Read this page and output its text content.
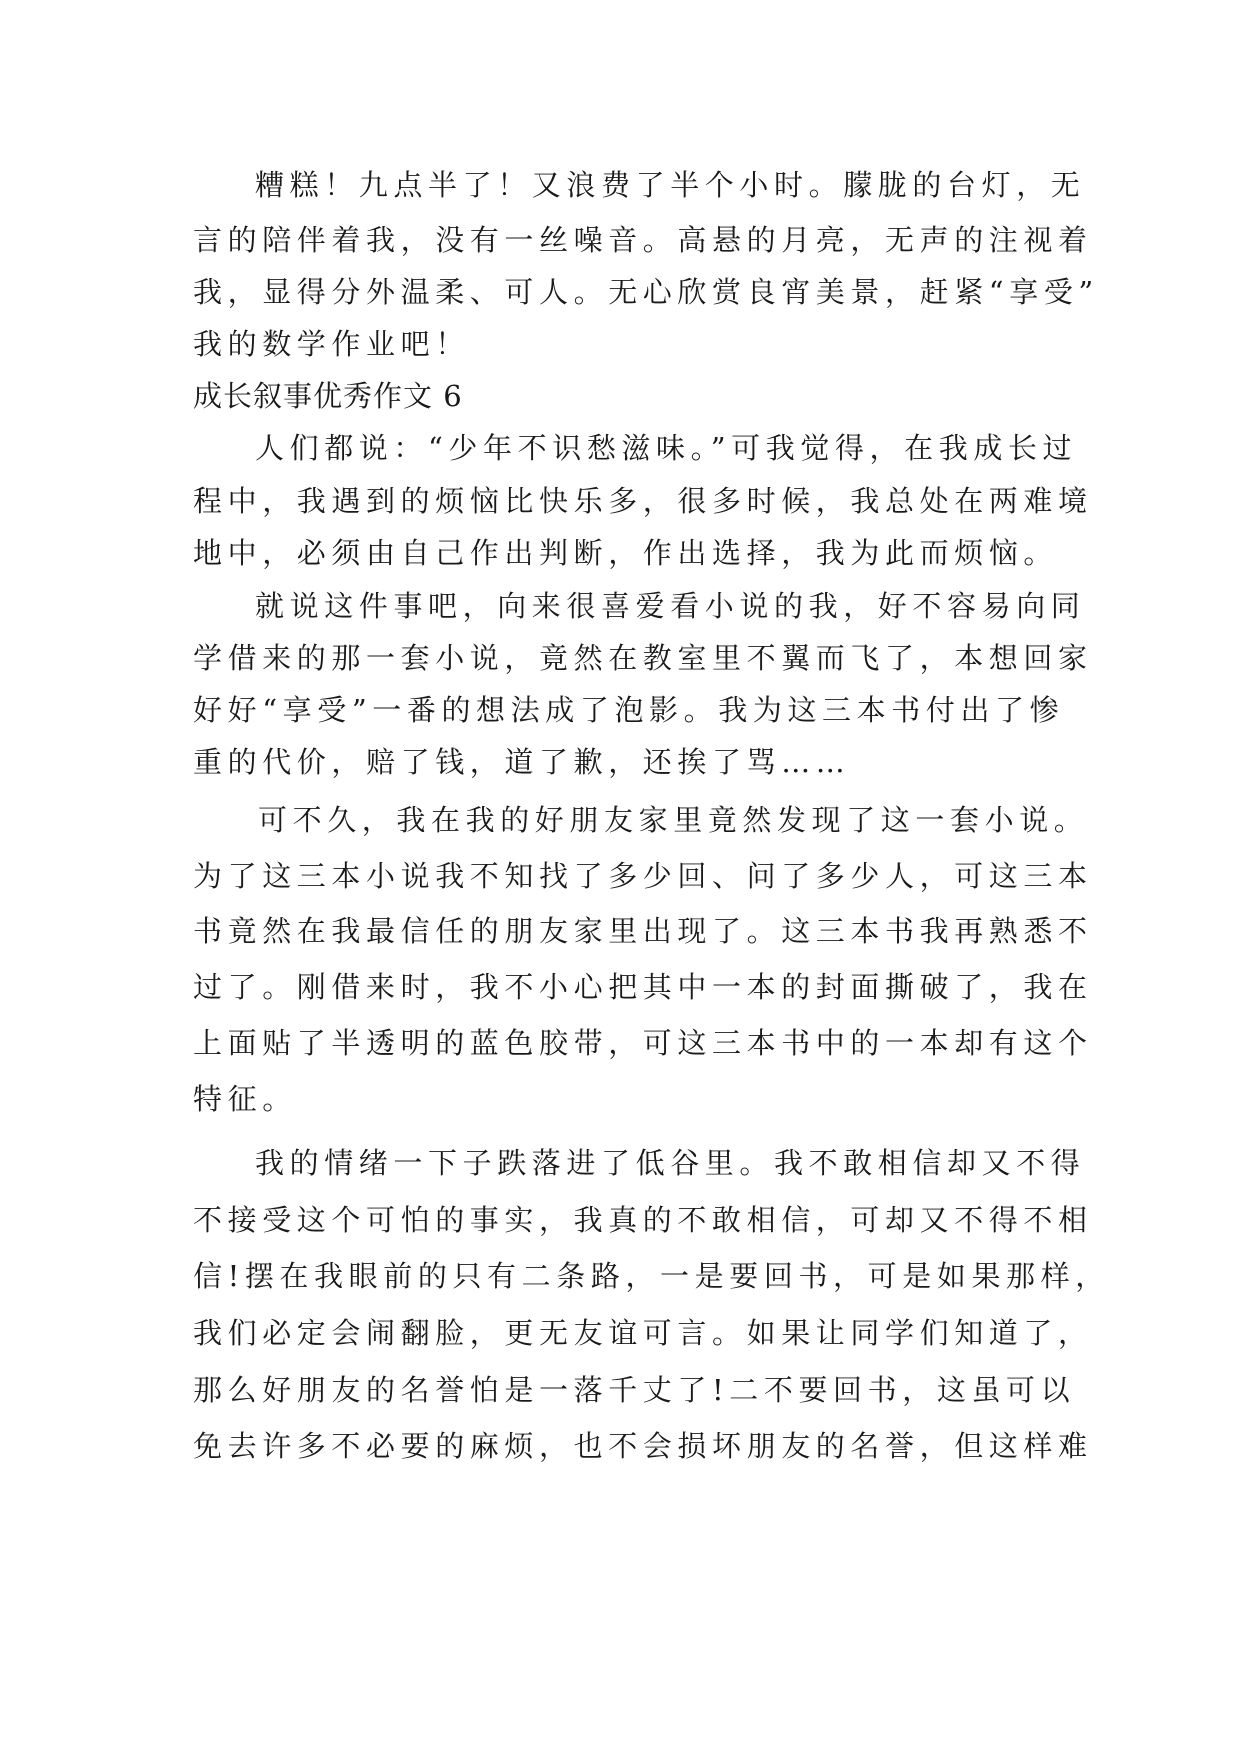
糟糕！九点半了！又浪费了半个小时。朦胧的台灯，无
言的陪伴着我，没有一丝噪音。高悬的月亮，无声的注视着
我，显得分外温柔、可人。无心欣赏良宵美景，赶紧“享受”
我的数学作业吧！
成长叙事优秀作文 6
人们都说：“少年不识愁滋味。”可我觉得，在我成长过
程中，我遇到的烦恼比快乐多，很多时候，我总处在两难境
地中，必须由自己作出判断，作出选择，我为此而烦恼。
就说这件事吧，向来很喜爱看小说的我，好不容易向同
学借来的那一套小说，竟然在教室里不翼而飞了，本想回家
好好“享受”一番的想法成了泡影。我为这三本书付出了惨
重的代价，赔了钱，道了歉，还挨了骂……
可不久，我在我的好朋友家里竟然发现了这一套小说。
为了这三本小说我不知找了多少回、问了多少人，可这三本
书竟然在我最信任的朋友家里出现了。这三本书我再熟悉不
过了。刚借来时，我不小心把其中一本的封面撕破了，我在
上面贴了半透明的蓝色胶带，可这三本书中的一本却有这个
特征。
我的情绪一下子跌落进了低谷里。我不敢相信却又不得
不接受这个可怕的事实，我真的不敢相信，可却又不得不相
信!摆在我眼前的只有二条路，一是要回书，可是如果那样，
我们必定会闹翻脸，更无友谊可言。如果让同学们知道了，
那么好朋友的名誉怕是一落千丈了!二不要回书，这虽可以
免去许多不必要的麻烦，也不会损坏朋友的名誉，但这样难
